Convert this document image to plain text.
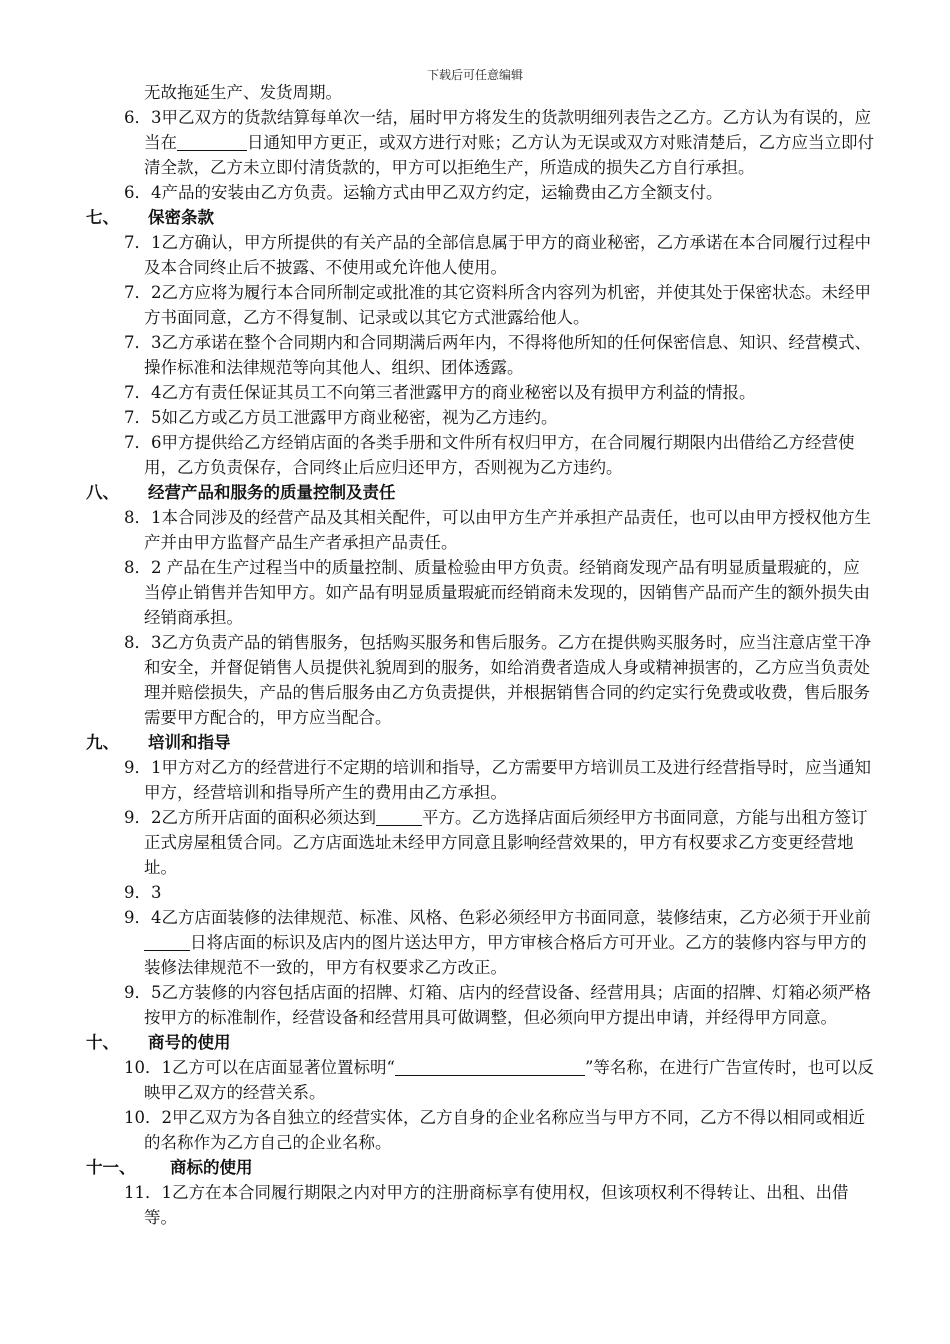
下载后可任意编辑

无故拖延生产、发货周期。

6．3甲乙双方的货款结算每单次一结，届时甲方将发生的货款明细列表告之乙方。乙方认为有误的，应当在	日通知甲方更正，或双方进行对账；乙方认为无误或双方对账清楚后，乙方应当立即付清全款，乙方未立即付清货款的，甲方可以拒绝生产，所造成的损失乙方自行承担。

6．4产品的安装由乙方负责。运输方式由甲乙双方约定，运输费由乙方全额支付。

七、	保密条款

7．1乙方确认，甲方所提供的有关产品的全部信息属于甲方的商业秘密，乙方承诺在本合同履行过程中及本合同终止后不披露、不使用或允许他人使用。

7．2乙方应将为履行本合同所制定或批准的其它资料所含内容列为机密，并使其处于保密状态。未经甲方书面同意，乙方不得复制、记录或以其它方式泄露给他人。

7．3乙方承诺在整个合同期内和合同期满后两年内，不得将他所知的任何保密信息、知识、经营模式、操作标准和法律规范等向其他人、组织、团体透露。

7．4乙方有责任保证其员工不向第三者泄露甲方的商业秘密以及有损甲方利益的情报。

7．5如乙方或乙方员工泄露甲方商业秘密，视为乙方违约。

7．6甲方提供给乙方经销店面的各类手册和文件所有权归甲方，在合同履行期限内出借给乙方经营使用，乙方负责保存，合同终止后应归还甲方，否则视为乙方违约。

八、	经营产品和服务的质量控制及责任

8．1本合同涉及的经营产品及其相关配件，可以由甲方生产并承担产品责任，也可以由甲方授权他方生产并由甲方监督产品生产者承担产品责任。

8．2 产品在生产过程当中的质量控制、质量检验由甲方负责。经销商发现产品有明显质量瑕疵的，应当停止销售并告知甲方。如产品有明显质量瑕疵而经销商未发现的，因销售产品而产生的额外损失由经销商承担。

8．3乙方负责产品的销售服务，包括购买服务和售后服务。乙方在提供购买服务时，应当注意店堂干净和安全，并督促销售人员提供礼貌周到的服务，如给消费者造成人身或精神损害的，乙方应当负责处理并赔偿损失，产品的售后服务由乙方负责提供，并根据销售合同的约定实行免费或收费，售后服务需要甲方配合的，甲方应当配合。

九、	培训和指导

9．1甲方对乙方的经营进行不定期的培训和指导，乙方需要甲方培训员工及进行经营指导时，应当通知甲方，经营培训和指导所产生的费用由乙方承担。

9．2乙方所开店面的面积必须达到	平方。乙方选择店面后须经甲方书面同意，方能与出租方签订正式房屋租赁合同。乙方店面选址未经甲方同意且影响经营效果的，甲方有权要求乙方变更经营地址。

9．3

9．4乙方店面装修的法律规范、标准、风格、色彩必须经甲方书面同意，装修结束，乙方必须于开业前日将店面的标识及店内的图片送达甲方，甲方审核合格后方可开业。乙方的装修内容与甲方的装修法律规范不一致的，甲方有权要求乙方改正。

9．5乙方装修的内容包括店面的招牌、灯箱、店内的经营设备、经营用具；店面的招牌、灯箱必须严格按甲方的标准制作，经营设备和经营用具可做调整，但必须向甲方提出申请，并经得甲方同意。

十、	商号的使用

10．1乙方可以在店面显著位置标明“	”等名称，在进行广告宣传时，也可以反映甲乙双方的经营关系。

10．2甲乙双方为各自独立的经营实体，乙方自身的企业名称应当与甲方不同，乙方不得以相同或相近的名称作为乙方自己的企业名称。

十一、	商标的使用

11．1乙方在本合同履行期限之内对甲方的注册商标享有使用权，但该项权利不得转让、出租、出借等。
